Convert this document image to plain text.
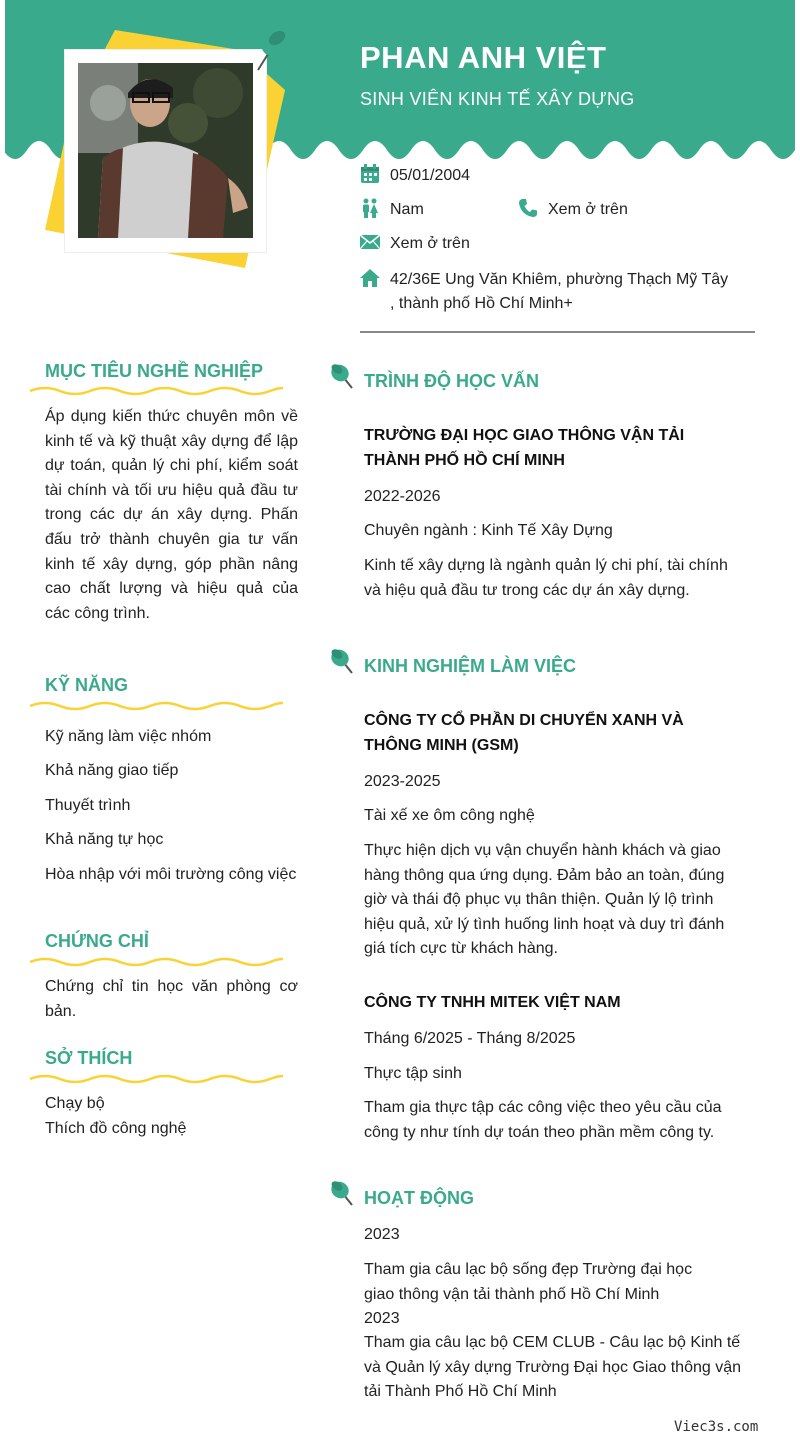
PHAN ANH VIỆT
SINH VIÊN KINH TẾ XÂY DỰNG
05/01/2004
Nam	Xem ở trên
Xem ở trên
42/36E Ung Văn Khiêm, phường Thạch Mỹ Tây , thành phố Hồ Chí Minh+
MỤC TIÊU NGHỀ NGHIỆP
Áp dụng kiến thức chuyên môn về kinh tế và kỹ thuật xây dựng để lập dự toán, quản lý chi phí, kiểm soát tài chính và tối ưu hiệu quả đầu tư trong các dự án xây dựng. Phấn đấu trở thành chuyên gia tư vấn kinh tế xây dựng, góp phần nâng cao chất lượng và hiệu quả của các công trình.
KỸ NĂNG
Kỹ năng làm việc nhóm
Khả năng giao tiếp
Thuyết trình
Khả năng tự học
Hòa nhập với môi trường công việc
CHỨNG CHỈ
Chứng chỉ tin học văn phòng cơ bản.
SỞ THÍCH
Chạy bộ
Thích đồ công nghệ
TRÌNH ĐỘ HỌC VẤN
TRƯỜNG ĐẠI HỌC GIAO THÔNG VẬN TẢI THÀNH PHỐ HỒ CHÍ MINH
2022-2026
Chuyên ngành : Kinh Tế Xây Dựng
Kinh tế xây dựng là ngành quản lý chi phí, tài chính và hiệu quả đầu tư trong các dự án xây dựng.
KINH NGHIỆM LÀM VIỆC
CÔNG TY CỔ PHẦN DI CHUYỂN XANH VÀ THÔNG MINH (GSM)
2023-2025
Tài xế xe ôm công nghệ
Thực hiện dịch vụ vận chuyển hành khách và giao hàng thông qua ứng dụng. Đảm bảo an toàn, đúng giờ và thái độ phục vụ thân thiện. Quản lý lộ trình hiệu quả, xử lý tình huống linh hoạt và duy trì đánh giá tích cực từ khách hàng.
CÔNG TY TNHH MITEK VIỆT NAM
Tháng 6/2025 - Tháng 8/2025
Thực tập sinh
Tham gia thực tập các công việc theo yêu cầu của công ty như tính dự toán theo phần mềm công ty.
HOẠT ĐỘNG
2023
Tham gia câu lạc bộ sống đẹp Trường đại học giao thông vận tải thành phố Hồ Chí Minh
2023
Tham gia câu lạc bộ CEM CLUB - Câu lạc bộ Kinh tế và Quản lý xây dựng Trường Đại học Giao thông vận tải Thành Phố Hồ Chí Minh
Viec3s.com
